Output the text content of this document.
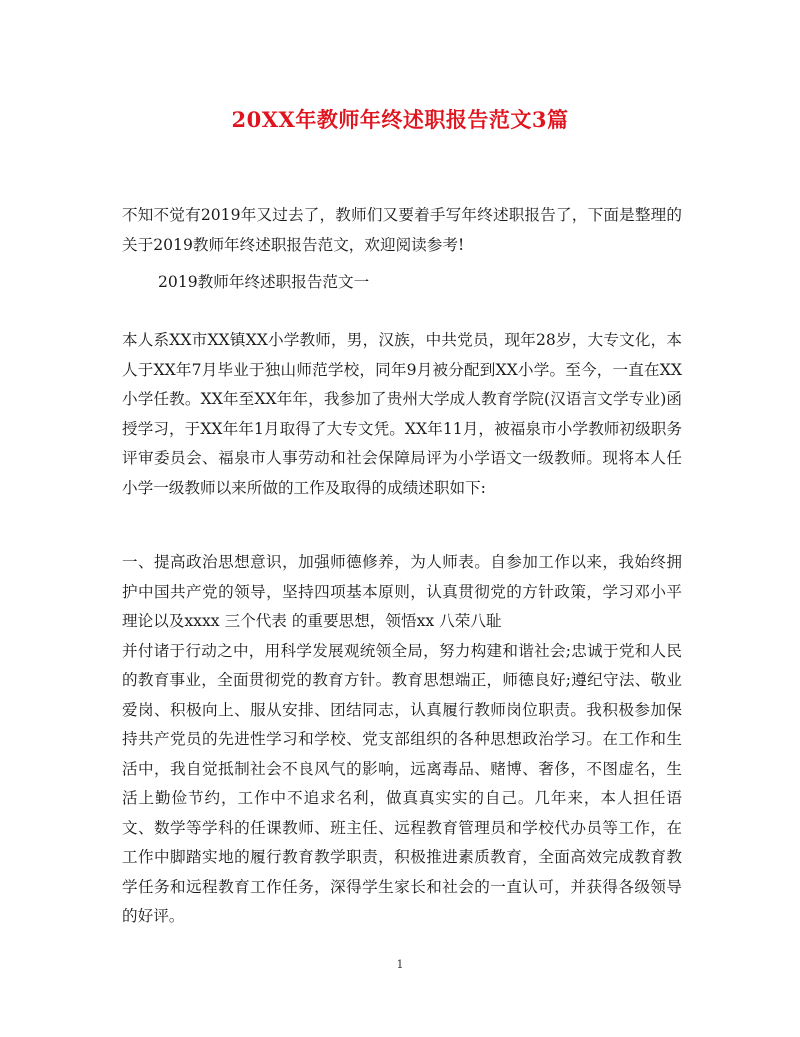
20XX年教师年终述职报告范文3篇
不知不觉有2019年又过去了，教师们又要着手写年终述职报告了，下面是整理的关于2019教师年终述职报告范文，欢迎阅读参考!
2019教师年终述职报告范文一
本人系XX市XX镇XX小学教师，男，汉族，中共党员，现年28岁，大专文化，本人于XX年7月毕业于独山师范学校，同年9月被分配到XX小学。至今，一直在XX小学任教。XX年至XX年年，我参加了贵州大学成人教育学院(汉语言文学专业)函授学习，于XX年年1月取得了大专文凭。XX年11月，被福泉市小学教师初级职务评审委员会、福泉市人事劳动和社会保障局评为小学语文一级教师。现将本人任小学一级教师以来所做的工作及取得的成绩述职如下:
一、提高政治思想意识，加强师德修养，为人师表。自参加工作以来，我始终拥护中国共产党的领导，坚持四项基本原则，认真贯彻党的方针政策，学习邓小平理论以及xxxx 三个代表 的重要思想，领悟xx 八荣八耻
并付诸于行动之中，用科学发展观统领全局，努力构建和谐社会;忠诚于党和人民的教育事业，全面贯彻党的教育方针。教育思想端正，师德良好;遵纪守法、敬业爱岗、积极向上、服从安排、团结同志，认真履行教师岗位职责。我积极参加保持共产党员的先进性学习和学校、党支部组织的各种思想政治学习。在工作和生活中，我自觉抵制社会不良风气的影响，远离毒品、赌博、奢侈，不图虚名，生活上勤俭节约，工作中不追求名利，做真真实实的自己。几年来，本人担任语文、数学等学科的任课教师、班主任、远程教育管理员和学校代办员等工作，在工作中脚踏实地的履行教育教学职责，积极推进素质教育，全面高效完成教育教学任务和远程教育工作任务，深得学生家长和社会的一直认可，并获得各级领导的好评。
1
